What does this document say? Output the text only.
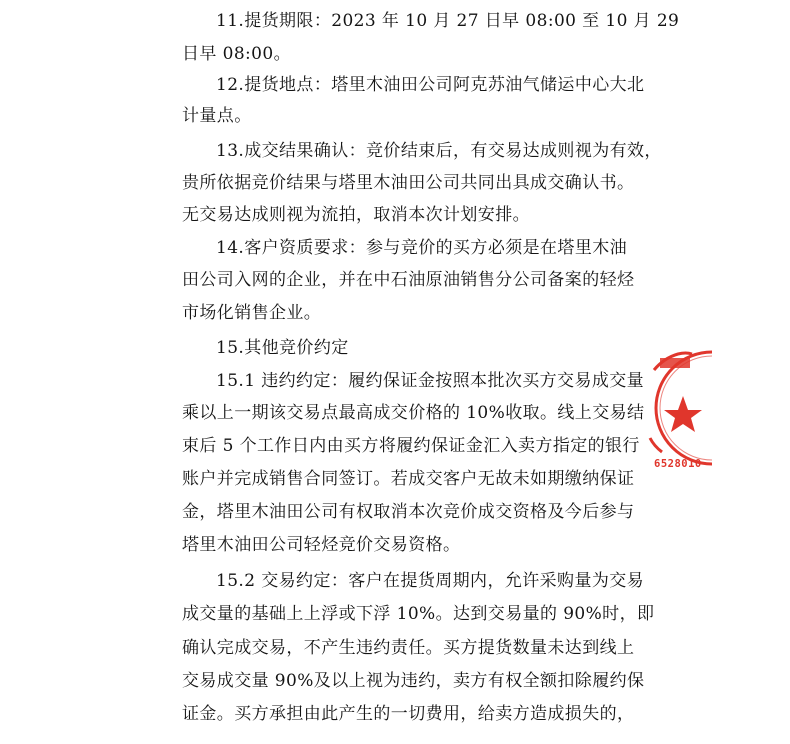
11.提货期限：2023 年 10 月 27 日早 08:00 至 10 月 29
日早 08:00。
12.提货地点：塔里木油田公司阿克苏油气储运中心大北
计量点。
13.成交结果确认：竞价结束后，有交易达成则视为有效，
贵所依据竞价结果与塔里木油田公司共同出具成交确认书。
无交易达成则视为流拍，取消本次计划安排。
14.客户资质要求：参与竞价的买方必须是在塔里木油
田公司入网的企业，并在中石油原油销售分公司备案的轻烃
市场化销售企业。
15.其他竞价约定
15.1 违约约定：履约保证金按照本批次买方交易成交量
乘以上一期该交易点最高成交价格的 10%收取。线上交易结
束后 5 个工作日内由买方将履约保证金汇入卖方指定的银行
账户并完成销售合同签订。若成交客户无故未如期缴纳保证
金，塔里木油田公司有权取消本次竞价成交资格及今后参与
塔里木油田公司轻烃竞价交易资格。
15.2 交易约定：客户在提货周期内，允许采购量为交易
成交量的基础上上浮或下浮 10%。达到交易量的 90%时，即
确认完成交易，不产生违约责任。买方提货数量未达到线上
交易成交量 90%及以上视为违约，卖方有权全额扣除履约保
证金。买方承担由此产生的一切费用，给卖方造成损失的，
6528010
